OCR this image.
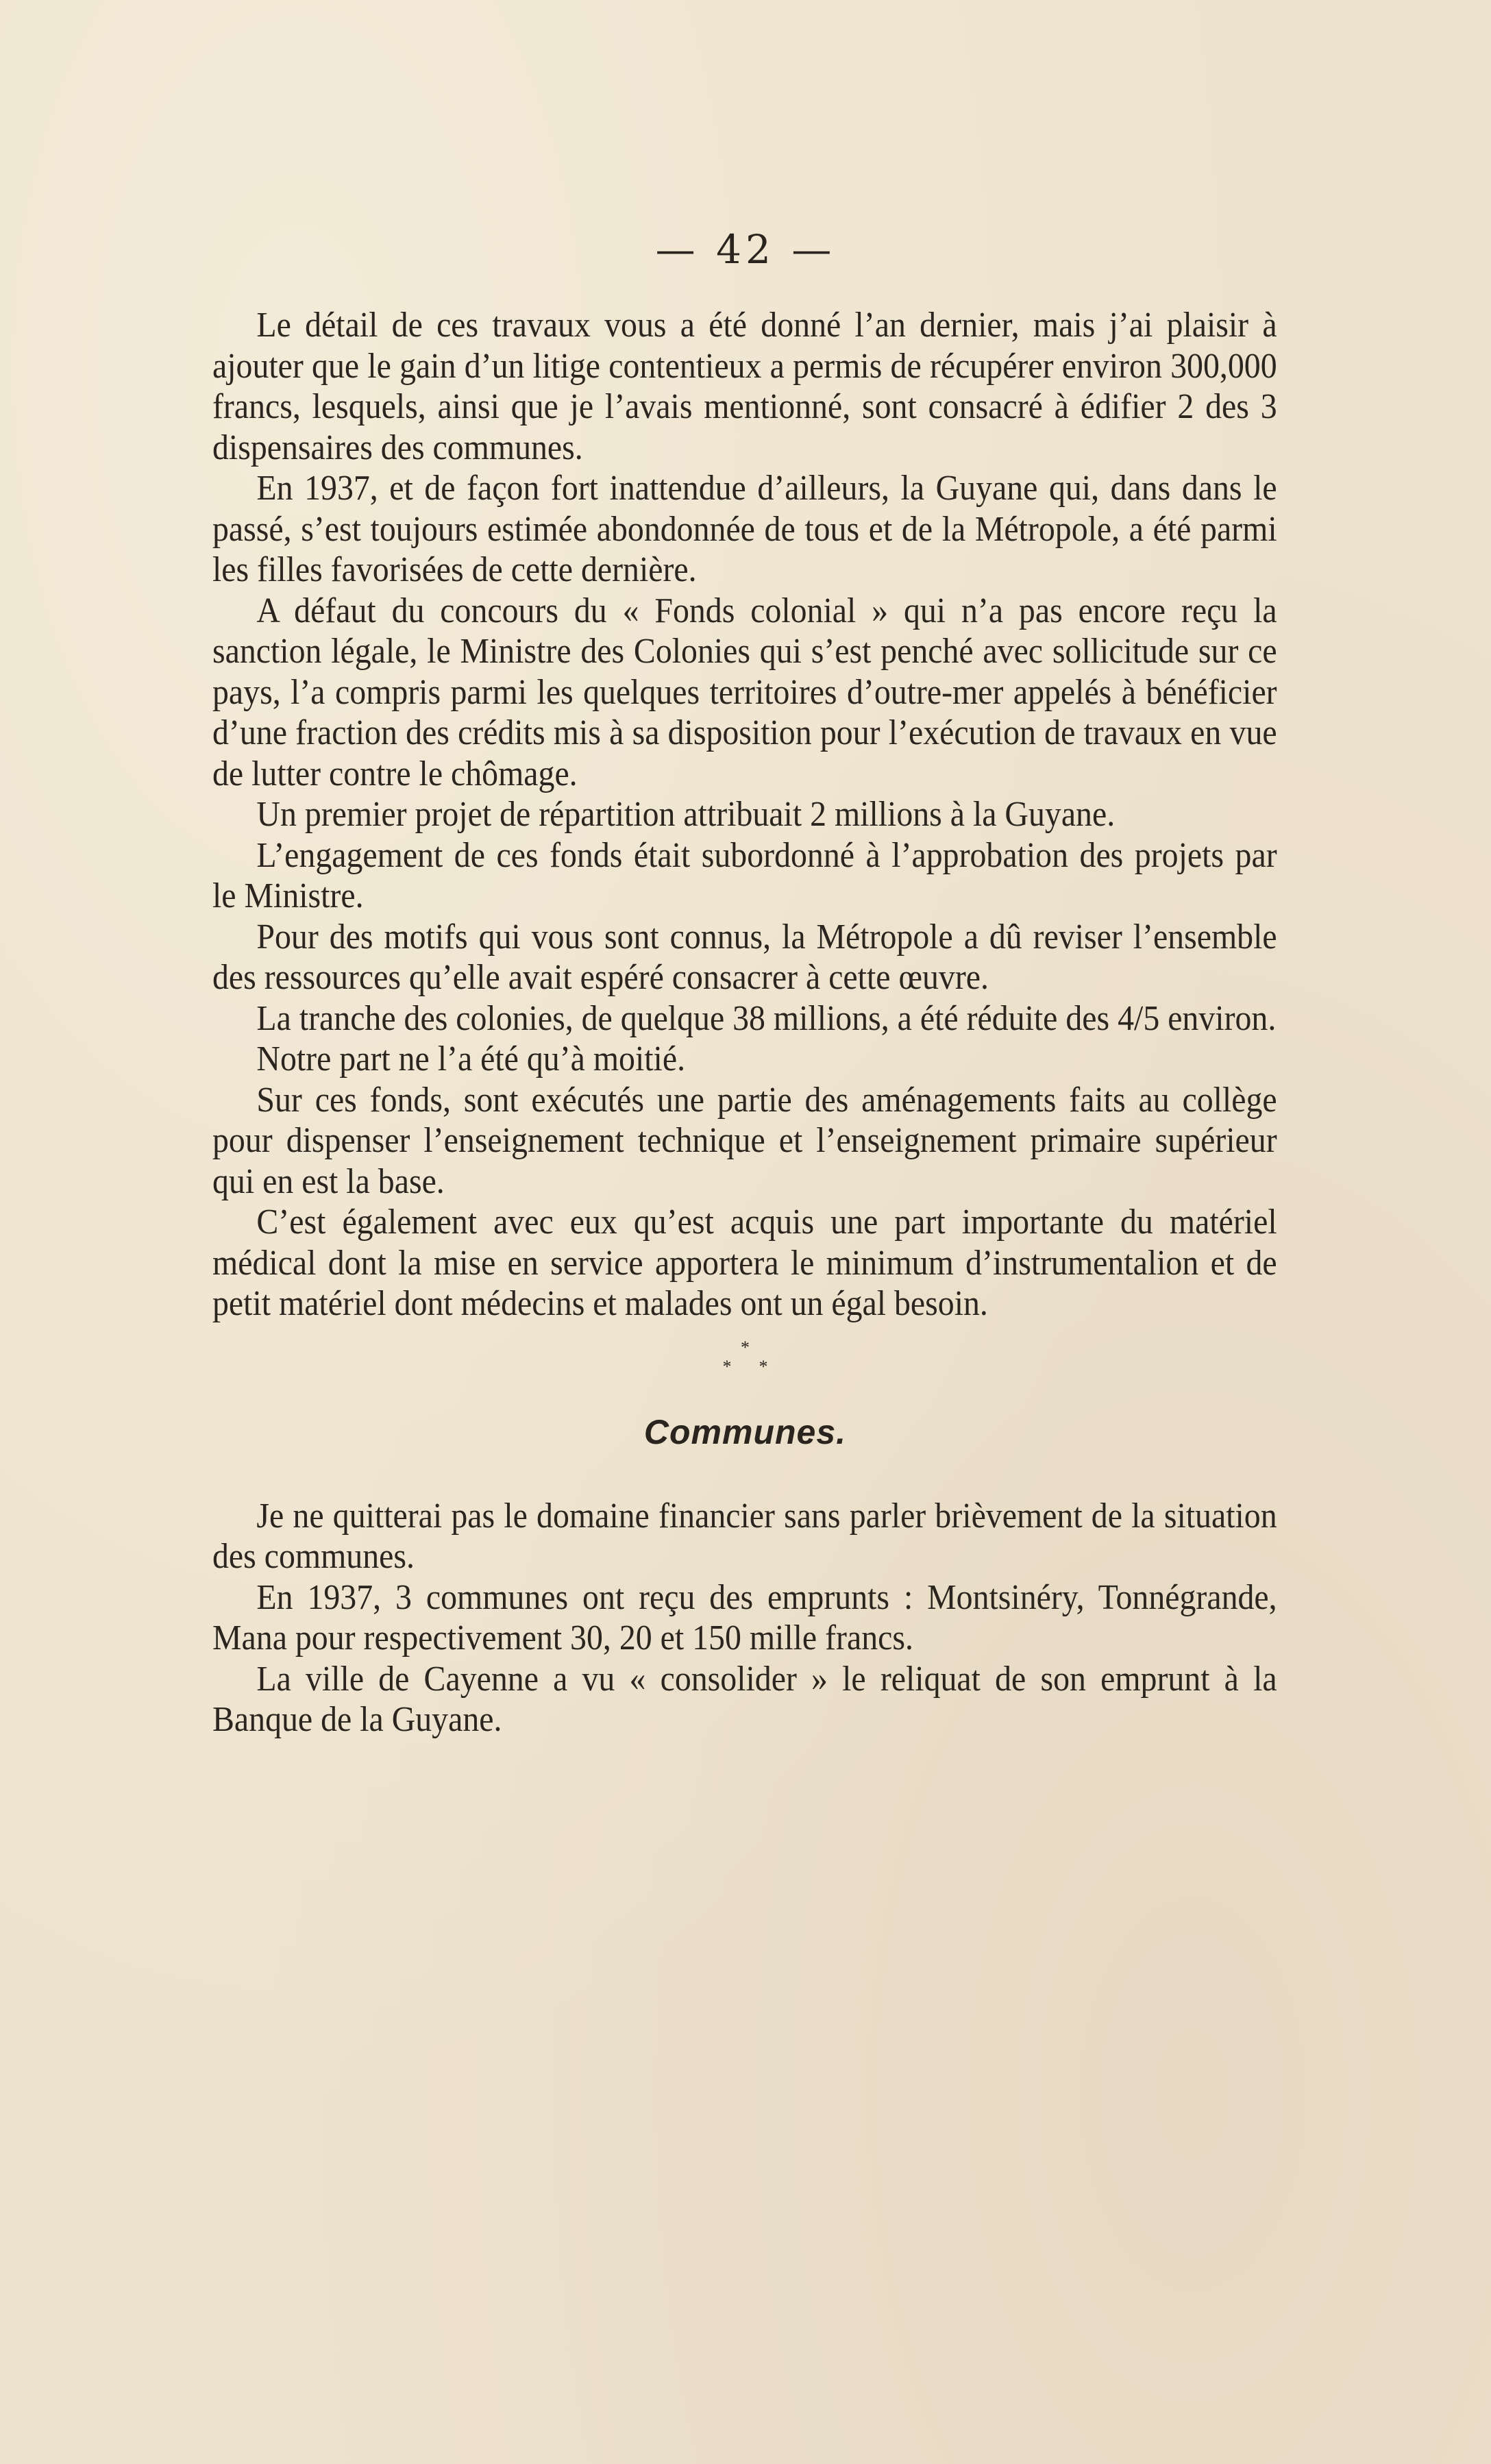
— 42 —

Le détail de ces travaux vous a été donné l’an dernier, mais j’ai plaisir à ajouter que le gain d’un litige contentieux a permis de récupérer environ 300,000 francs, lesquels, ainsi que je l’avais mentionné, sont consacré à édifier 2 des 3 dispensaires des communes.

En 1937, et de façon fort inattendue d’ailleurs, la Guyane qui, dans dans le passé, s’est toujours estimée abondonnée de tous et de la Métropole, a été parmi les filles favorisées de cette dernière.

A défaut du concours du « Fonds colonial » qui n’a pas encore reçu la sanction légale, le Ministre des Colonies qui s’est penché avec sollicitude sur ce pays, l’a compris parmi les quelques territoires d’outre-mer appelés à bénéficier d’une fraction des crédits mis à sa disposition pour l’exécution de travaux en vue de lutter contre le chômage.

Un premier projet de répartition attribuait 2 millions à la Guyane.

L’engagement de ces fonds était subordonné à l’approbation des projets par le Ministre.

Pour des motifs qui vous sont connus, la Métropole a dû reviser l’ensemble des ressources qu’elle avait espéré consacrer à cette œuvre.

La tranche des colonies, de quelque 38 millions, a été réduite des 4/5 environ.

Notre part ne l’a été qu’à moitié.

Sur ces fonds, sont exécutés une partie des aménagements faits au collège pour dispenser l’enseignement technique et l’enseignement primaire supérieur qui en est la base.

C’est également avec eux qu’est acquis une part importante du matériel médical dont la mise en service apportera le minimum d’instrumentalion et de petit matériel dont médecins et malades ont un égal besoin.

*
**
Communes.

Je ne quitterai pas le domaine financier sans parler brièvement de la situation des communes.

En 1937, 3 communes ont reçu des emprunts : Montsinéry, Tonnégrande, Mana pour respectivement 30, 20 et 150 mille francs.

La ville de Cayenne a vu « consolider » le reliquat de son emprunt à la Banque de la Guyane.
